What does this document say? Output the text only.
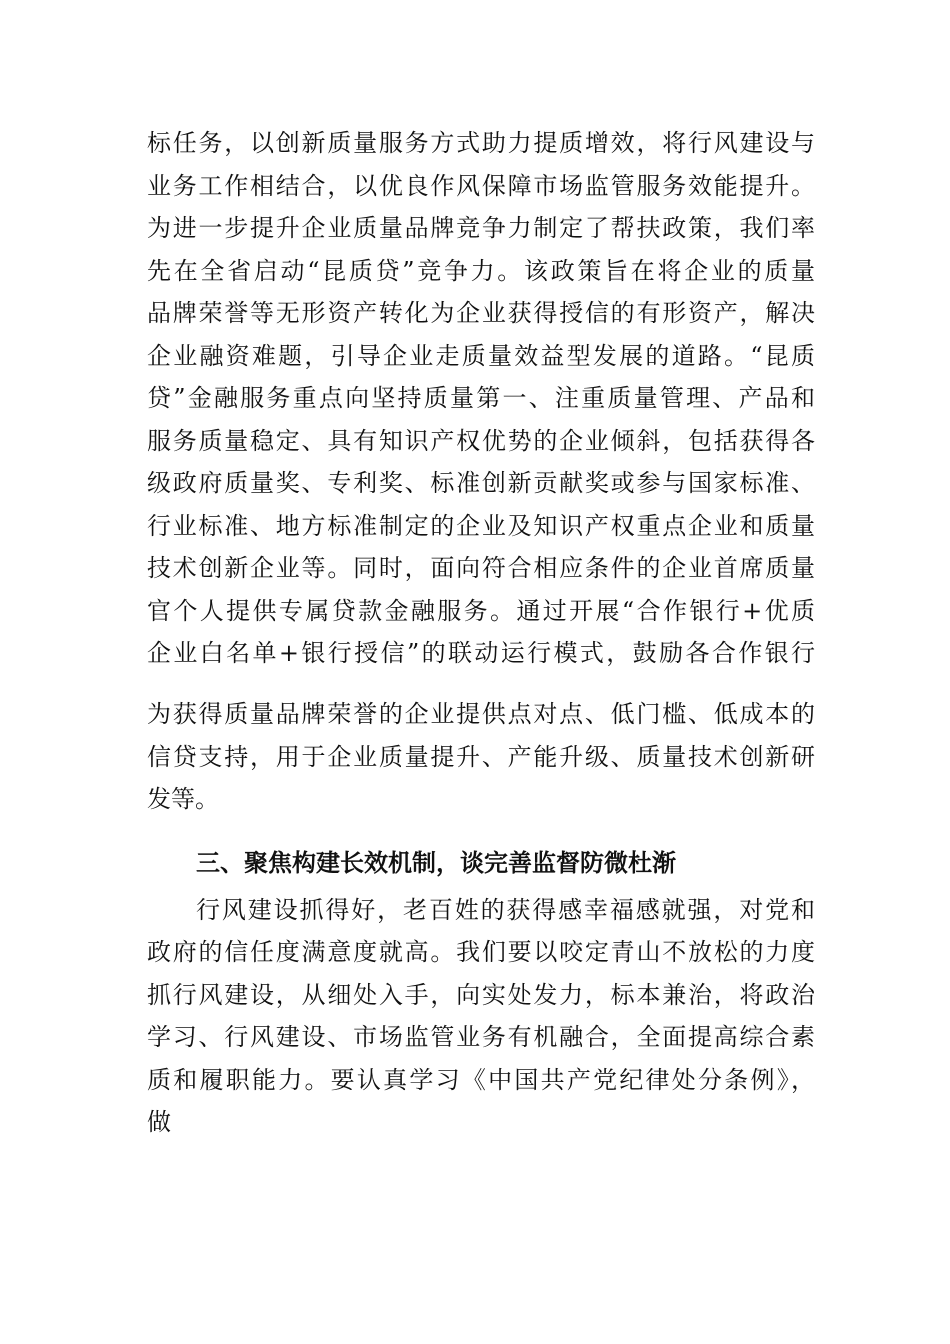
标任务，以创新质量服务方式助力提质增效，将行风建设与
业务工作相结合，以优良作风保障市场监管服务效能提升。
为进一步提升企业质量品牌竞争力制定了帮扶政策，我们率
先在全省启动“昆质贷”竞争力。该政策旨在将企业的质量
品牌荣誉等无形资产转化为企业获得授信的有形资产，解决
企业融资难题，引导企业走质量效益型发展的道路。“昆质
贷”金融服务重点向坚持质量第一、注重质量管理、产品和
服务质量稳定、具有知识产权优势的企业倾斜，包括获得各
级政府质量奖、专利奖、标准创新贡献奖或参与国家标准、
行业标准、地方标准制定的企业及知识产权重点企业和质量
技术创新企业等。同时，面向符合相应条件的企业首席质量
官个人提供专属贷款金融服务。通过开展“合作银行+优质
企业白名单+银行授信”的联动运行模式，鼓励各合作银行
为获得质量品牌荣誉的企业提供点对点、低门槛、低成本的
信贷支持，用于企业质量提升、产能升级、质量技术创新研
发等。
三、聚焦构建长效机制，谈完善监督防微杜渐
行风建设抓得好，老百姓的获得感幸福感就强，对党和
政府的信任度满意度就高。我们要以咬定青山不放松的力度
抓行风建设，从细处入手，向实处发力，标本兼治，将政治
学习、行风建设、市场监管业务有机融合，全面提高综合素
质和履职能力。要认真学习《中国共产党纪律处分条例》，
做
